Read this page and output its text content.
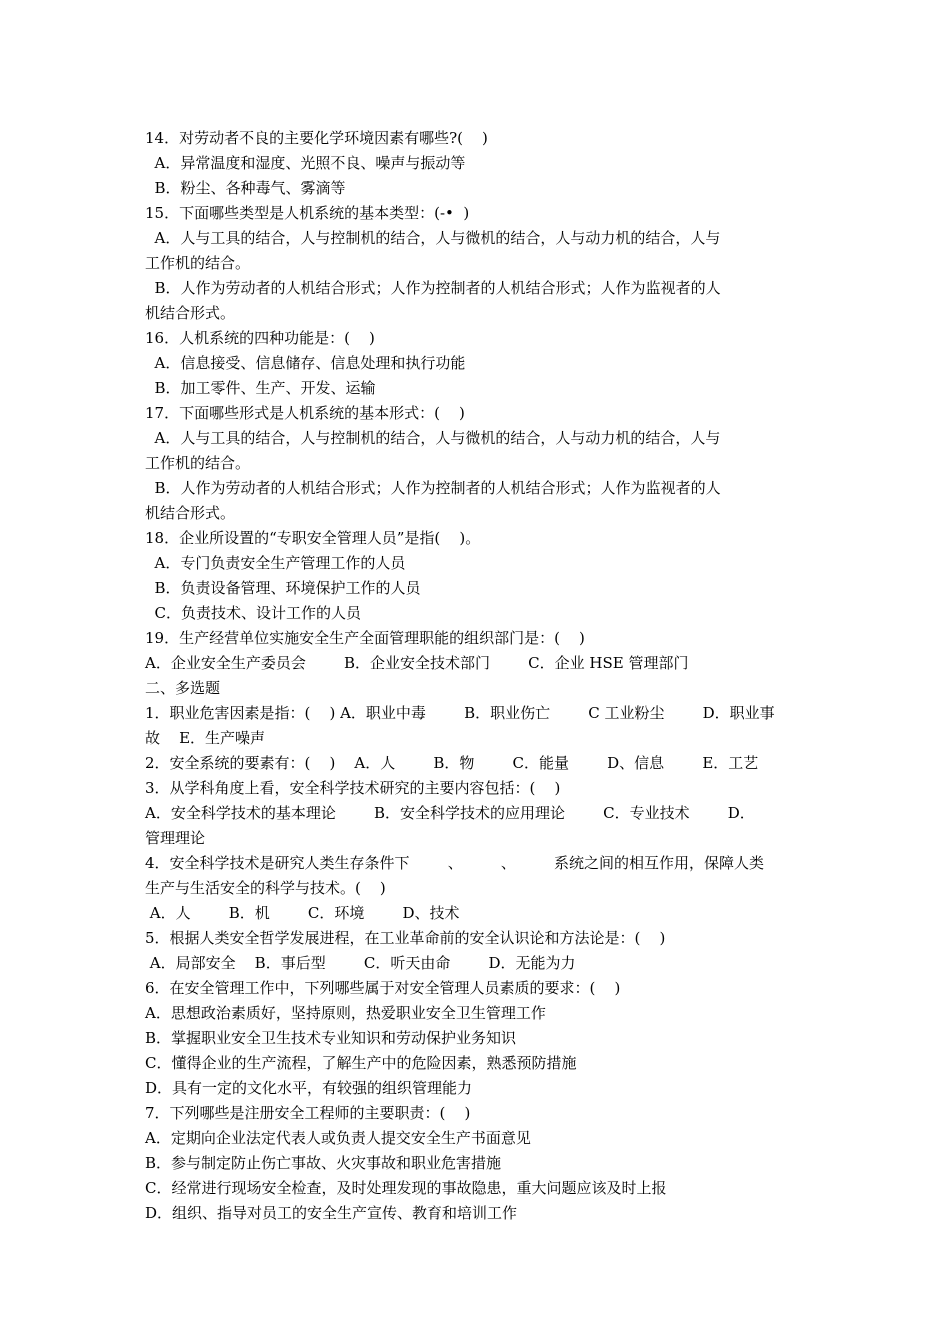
14．对劳动者不良的主要化学环境因素有哪些?(    )
A．异常温度和湿度、光照不良、噪声与振动等
B．粉尘、各种毒气、雾滴等
15．下面哪些类型是人机系统的基本类型：(-•  )
A．人与工具的结合，人与控制机的结合，人与微机的结合，人与动力机的结合，人与
工作机的结合。
B．人作为劳动者的人机结合形式；人作为控制者的人机结合形式；人作为监视者的人
机结合形式。
16．人机系统的四种功能是：(    )
A．信息接受、信息储存、信息处理和执行功能
B．加工零件、生产、开发、运输
17．下面哪些形式是人机系统的基本形式：(    )
A．人与工具的结合，人与控制机的结合，人与微机的结合，人与动力机的结合，人与
工作机的结合。
B．人作为劳动者的人机结合形式；人作为控制者的人机结合形式；人作为监视者的人
机结合形式。
18．企业所设置的“专职安全管理人员”是指(    )。
A．专门负责安全生产管理工作的人员
B．负责设备管理、环境保护工作的人员
C．负责技术、设计工作的人员
19．生产经营单位实施安全生产全面管理职能的组织部门是：(    )
A．企业安全生产委员会        B．企业安全技术部门        C．企业 HSE 管理部门
二、多选题
1．职业危害因素是指：(    ) A．职业中毒        B．职业伤亡        C 工业粉尘        D．职业事
故    E．生产噪声
2．安全系统的要素有：(    )    A．人        B．物        C．能量        D、信息        E．工艺
3．从学科角度上看，安全科学技术研究的主要内容包括：(    )
A．安全科学技术的基本理论        B．安全科学技术的应用理论        C．专业技术        D．
管理理论
4．安全科学技术是研究人类生存条件下        、        、        系统之间的相互作用，保障人类
生产与生活安全的科学与技术。(    )
A．人        B．机        C．环境        D、技术
5．根据人类安全哲学发展进程，在工业革命前的安全认识论和方法论是：(    )
A．局部安全    B．事后型        C．听天由命        D．无能为力
6．在安全管理工作中，下列哪些属于对安全管理人员素质的要求：(    )
A．思想政治素质好，坚持原则，热爱职业安全卫生管理工作
B．掌握职业安全卫生技术专业知识和劳动保护业务知识
C．懂得企业的生产流程，了解生产中的危险因素，熟悉预防措施
D．具有一定的文化水平，有较强的组织管理能力
7．下列哪些是注册安全工程师的主要职责：(    )
A．定期向企业法定代表人或负责人提交安全生产书面意见
B．参与制定防止伤亡事故、火灾事故和职业危害措施
C．经常进行现场安全检查，及时处理发现的事故隐患，重大问题应该及时上报
D．组织、指导对员工的安全生产宣传、教育和培训工作
